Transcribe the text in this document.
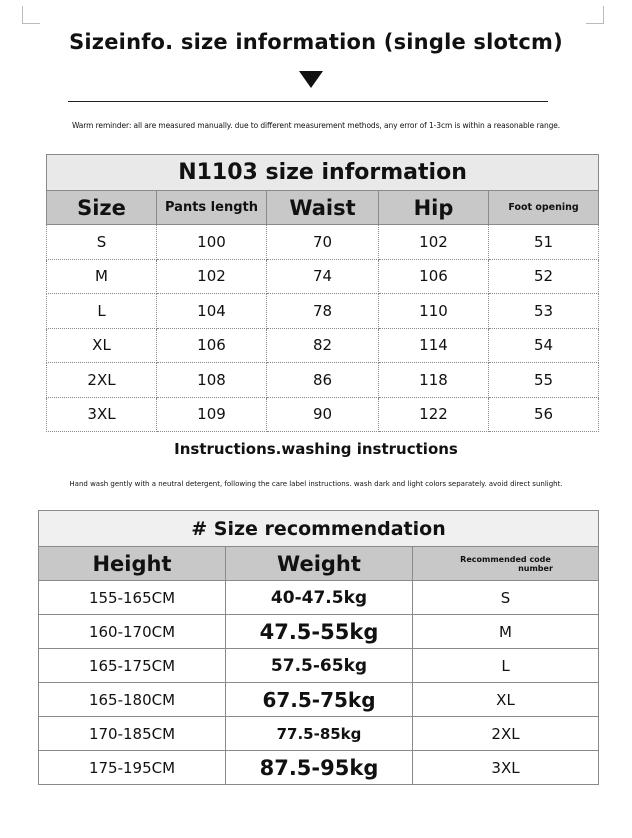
Sizeinfo. size information (single slotcm)
Warm reminder: all are measured manually. due to different measurement methods, any error of 1-3cm is within a reasonable range.
N1103 size information				
Size	Pants length	Waist	Hip	Foot opening
S	100	70	102	51
M	102	74	106	52
L	104	78	110	53
XL	106	82	114	54
2XL	108	86	118	55
3XL	109	90	122	56
Instructions.washing instructions
Hand wash gently with a neutral detergent, following the care label instructions. wash dark and light colors separately. avoid direct sunlight.
# Size recommendation		
Height	Weight	Recommended code
number

155-165CM	40-47.5kg	S
160-170CM	47.5-55kg	M
165-175CM	57.5-65kg	L
165-180CM	67.5-75kg	XL
170-185CM	77.5-85kg	2XL
175-195CM	87.5-95kg	3XL
